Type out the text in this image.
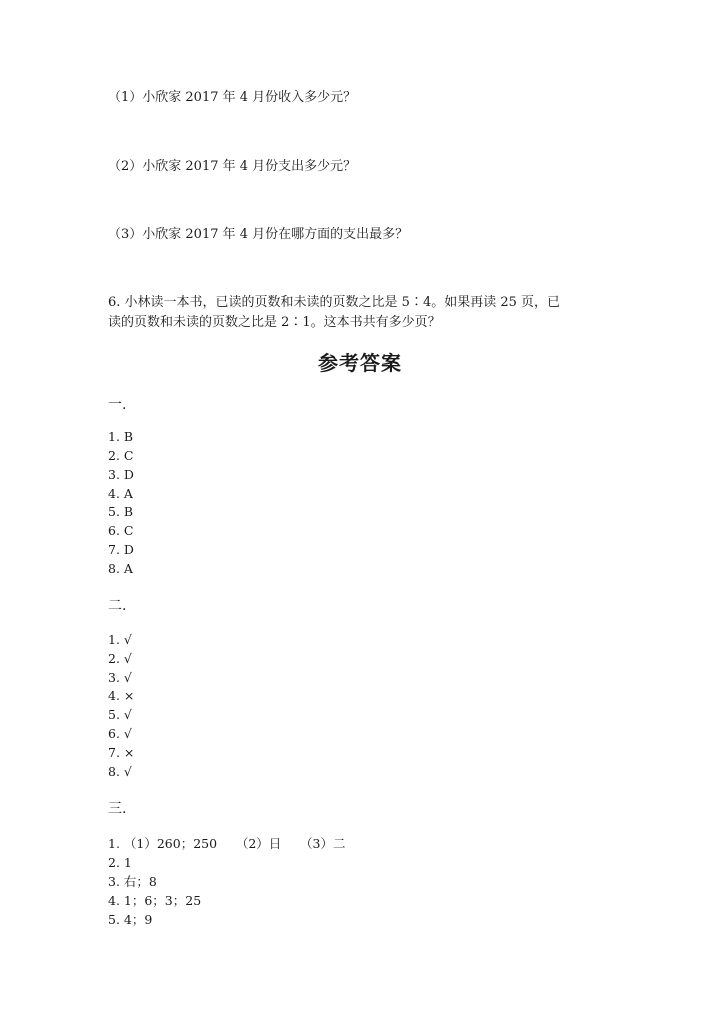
（1）小欣家 2017 年 4 月份收入多少元？
（2）小欣家 2017 年 4 月份支出多少元？
（3）小欣家 2017 年 4 月份在哪方面的支出最多？
6. 小林读一本书，已读的页数和未读的页数之比是 5∶4。如果再读 25 页，已
读的页数和未读的页数之比是 2∶1。这本书共有多少页？
参考答案
一.
1. B
2. C
3. D
4. A
5. B
6. C
7. D
8. A
二.
1. √
2. √
3. √
4. ×
5. √
6. √
7. ×
8. √
三.
1. （1）260；250　　（2）日　　（3）二
2. 1
3. 右；8
4. 1；6；3；25
5. 4；9
